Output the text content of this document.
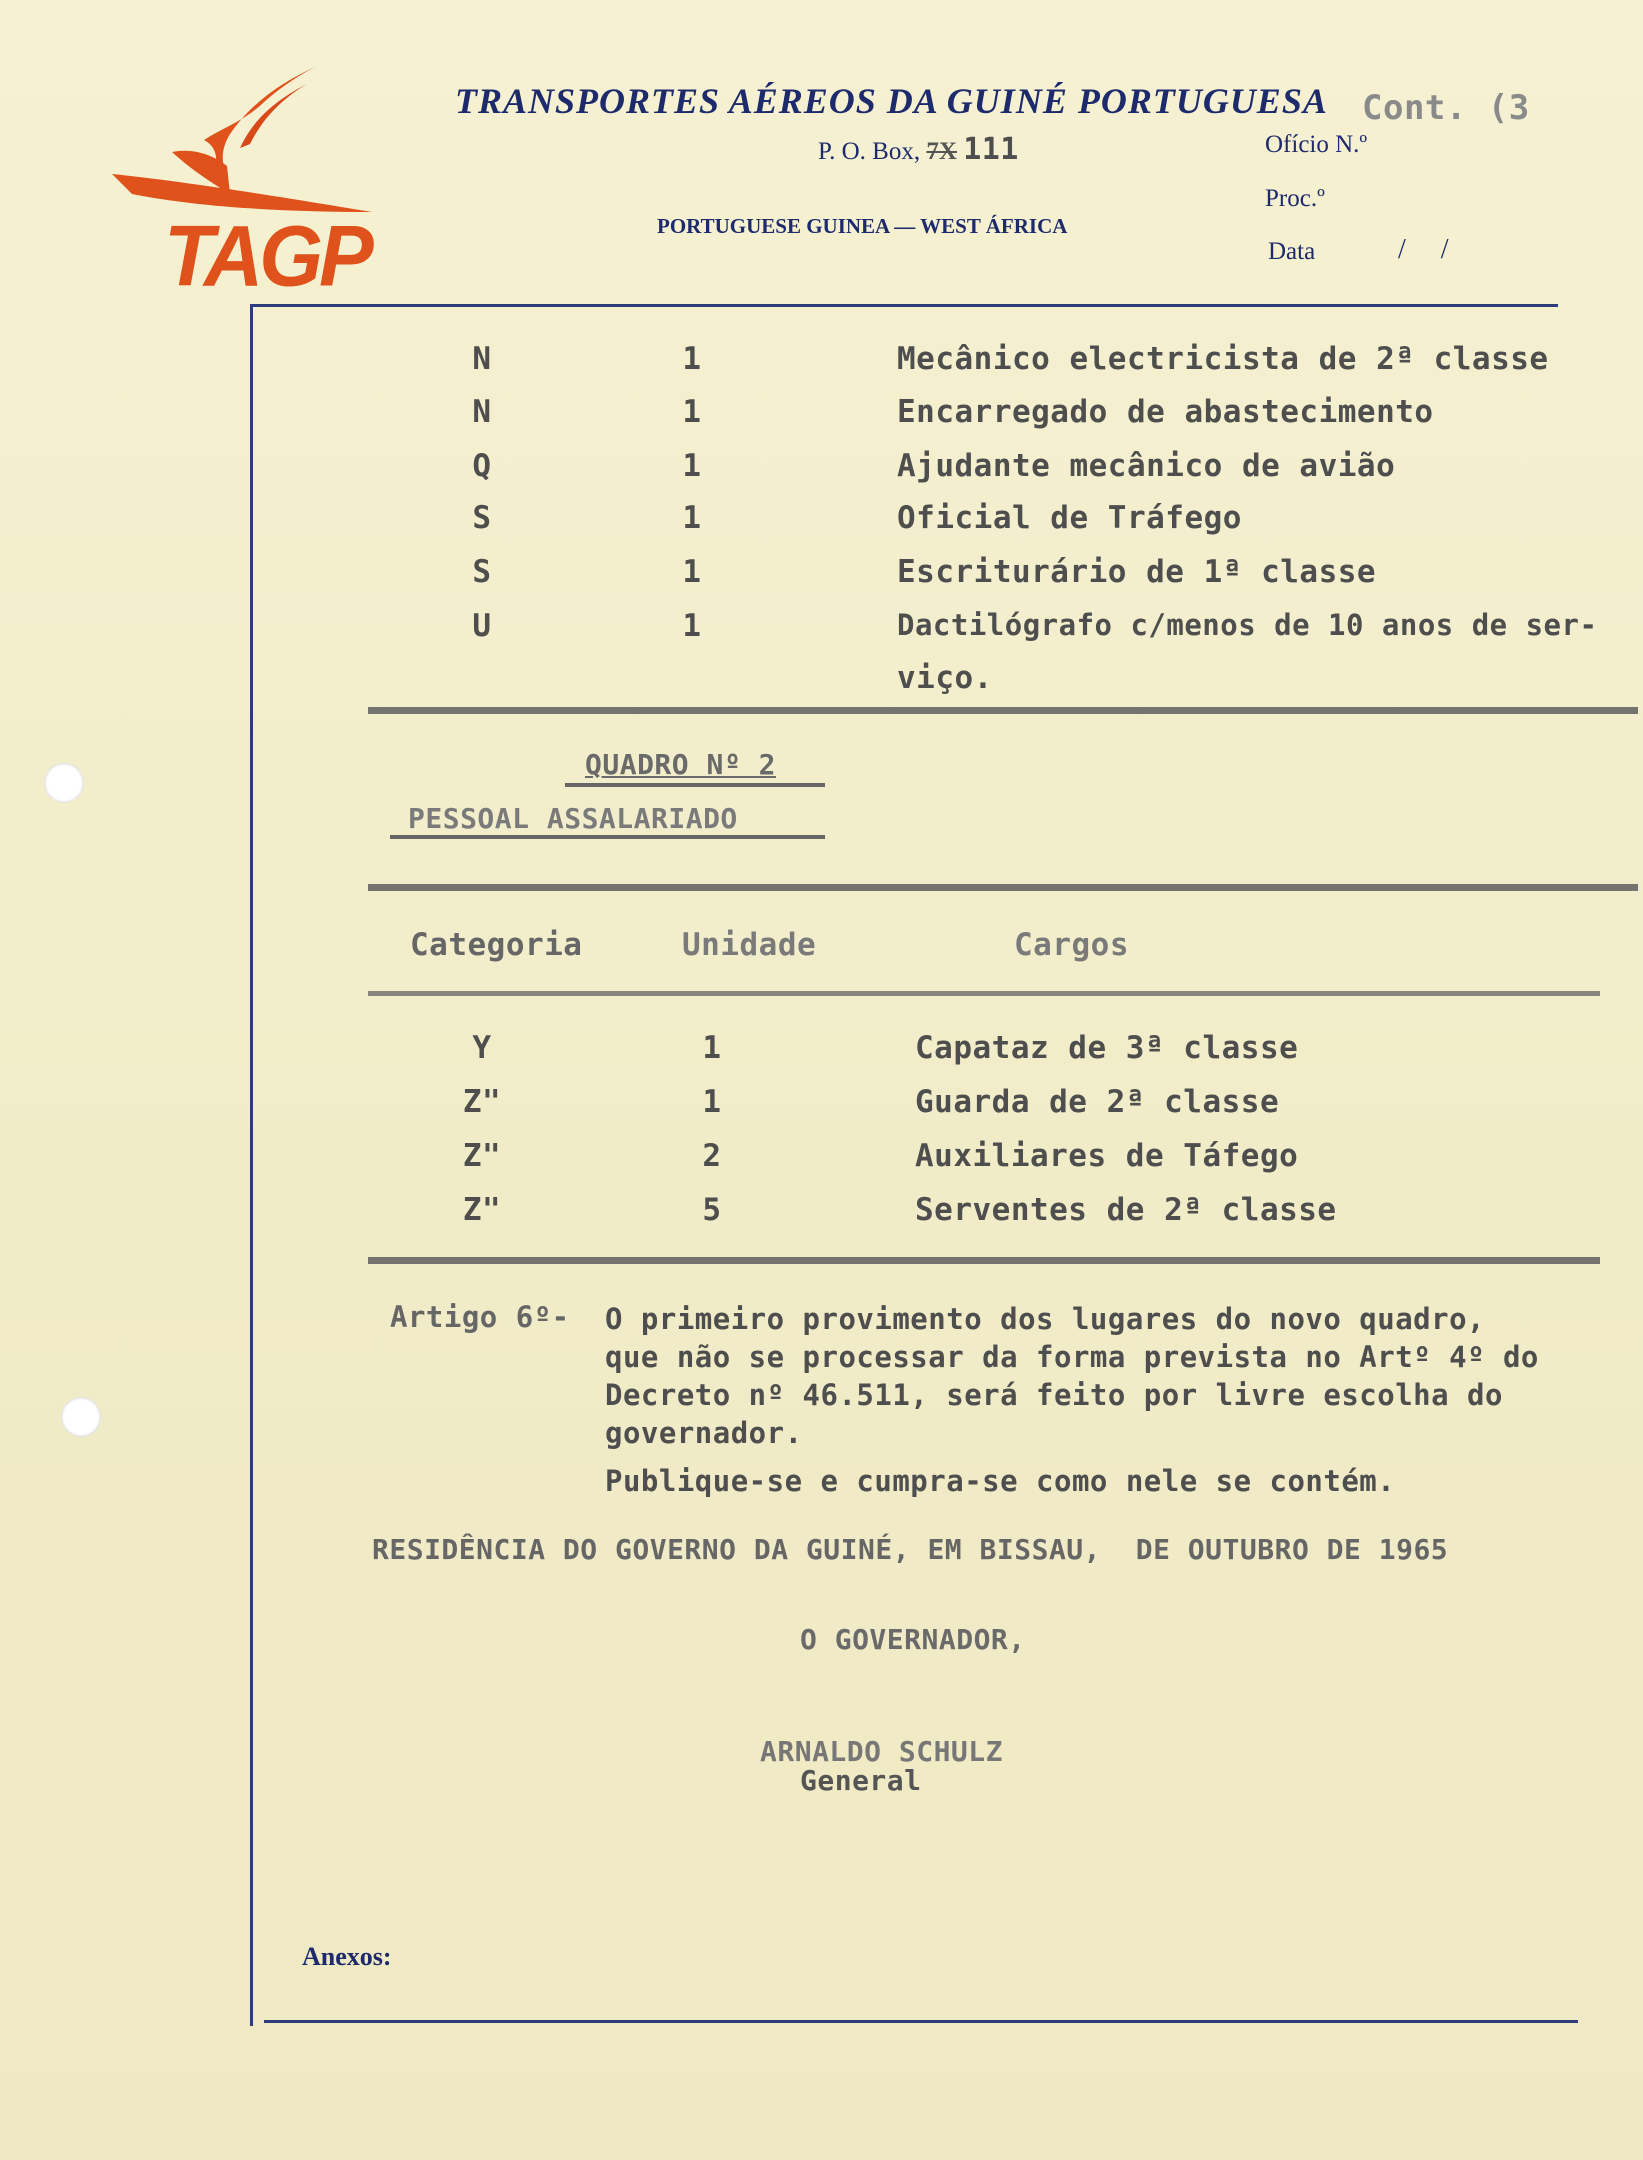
TAGP
TRANSPORTES AÉREOS DA GUINÉ PORTUGUESA Cont. (3
P. O. Box, 7X 111
PORTUGUESE GUINEA — WEST ÁFRICA
Ofício N.º
Proc.º
Data	/     /
N	1	Mecânico electricista de 2ª classe
N	1	Encarregado de abastecimento
Q	1	Ajudante mecânico de avião
S	1	Oficial de Tráfego
S	1	Escriturário de 1ª classe
U	1	Dactilógrafo c/menos de 10 anos de ser-
viço.
QUADRO Nº 2
PESSOAL ASSALARIADO
Categoria	Unidade	Cargos
Y	1	Capataz de 3ª classe
Z"	1	Guarda de 2ª classe
Z"	2	Auxiliares de Táfego
Z"	5	Serventes de 2ª classe
Artigo 6º- O primeiro provimento dos lugares do novo quadro,
que não se processar da forma prevista no Artº 4º do
Decreto nº 46.511, será feito por livre escolha do
governador.
Publique-se e cumpra-se como nele se contém.
RESIDÊNCIA DO GOVERNO DA GUINÉ, EM BISSAU,  DE OUTUBRO DE 1965
O GOVERNADOR,
ARNALDO SCHULZ
General
Anexos:
